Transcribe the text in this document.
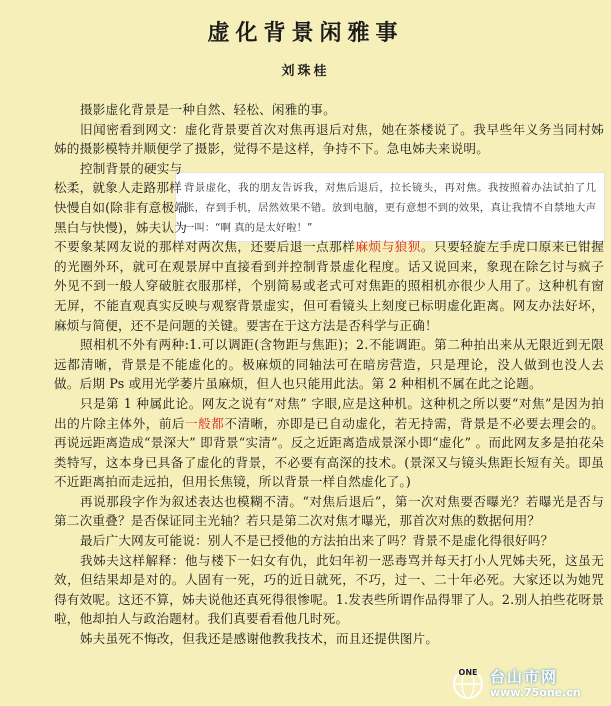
虚化背景闲雅事
刘珠桂
背景虚化，我的朋友告诉我，对焦后退后，拉长镜头，再对焦。我按照着办法试拍了几张，存到手机，居然效果不错。放到电脑，更有意想不到的效果，真让我情不自禁地大声一叫：“啊 真的是太好啦！”

摄影虚化背景是一种自然、轻松、闲雅的事。

旧闻密看到网文：虚化背景要首次对焦再退后对焦，她在茶楼说了。我早些年义务当同村姊姊的摄影模特并顺便学了摄影，觉得不是这样，争持不下。急电姊夫来说明。

控制背景的硬实与
松柔，就象人走路那样
快慢自如(除非有意极端
黑白与快慢)，姊夫认为

不要象某网友说的那样对两次焦，还要后退一点那样麻烦与狼狈。只要轻旋左手虎口原来已钳握的光圈外环，就可在观景屏中直接看到并控制背景虚化程度。话又说回来，象现在除乞讨与疯子外见不到一般人穿破脏衣服那样，个别简易或老式可对焦距的照相机亦很少人用了。这种机有窗无屏，不能直观真实反映与观察背景虚实，但可看镜头上刻度已标明虚化距离。网友办法好坏，麻烦与简便，还不是问题的关键。要害在于这方法是否科学与正确！

照相机不外有两种:1.可以调距(含物距与焦距)；2.不能调距。第二种拍出来从无限近到无限远都清晰，背景是不能虚化的。极麻烦的同轴法可在暗房营造，只是理论，没人做到也没人去做。后期 Ps 或用光学萎片虽麻烦，但人也只能用此法。第 2 种相机不属在此之论题。

只是第 1 种属此论。网友之说有“对焦” 字眼,应是这种机。这种机之所以要“对焦”是因为拍出的片除主体外，前后一般都不清晰，亦即是已自动虚化，若无持需，背景是不必要去理会的。再说远距离造成“景深大” 即背景“实清”。反之近距离造成景深小即“虚化” 。而此网友多是拍花朵类特写，这本身已具备了虚化的背景，不必要有高深的技术。(景深又与镜头焦距长短有关。即虽不近距离拍而走远拍，但用长焦镜，所以背景一样自然虚化了。)

再说那段字作为叙述表达也模糊不清。“对焦后退后”，第一次对焦要否曝光？若曝光是否与第二次重叠？是否保证同主光轴？若只是第二次对焦才曝光，那首次对焦的数据何用？

最后广大网友可能说：别人不是已授他的方法拍出来了吗？背景不是虚化得很好吗？

我姊夫这样解释：他与楼下一妇女有仇，此妇年初一恶毒骂并每天打小人咒姊夫死，这虽无效，但结果却是对的。人固有一死，巧的近日就死，不巧，过一、二十年必死。大家还以为她咒得有效呢。这还不算，姊夫说他还真死得很惨呢。1.发表些所谓作品得罪了人。2.别人拍些花呀景啦，他却拍人与政治题材。我们真要看看他几时死。

姊夫虽死不悔改，但我还是感谢他教我技术，而且还提供图片。

ONE 台山市网
www.75one.cn
